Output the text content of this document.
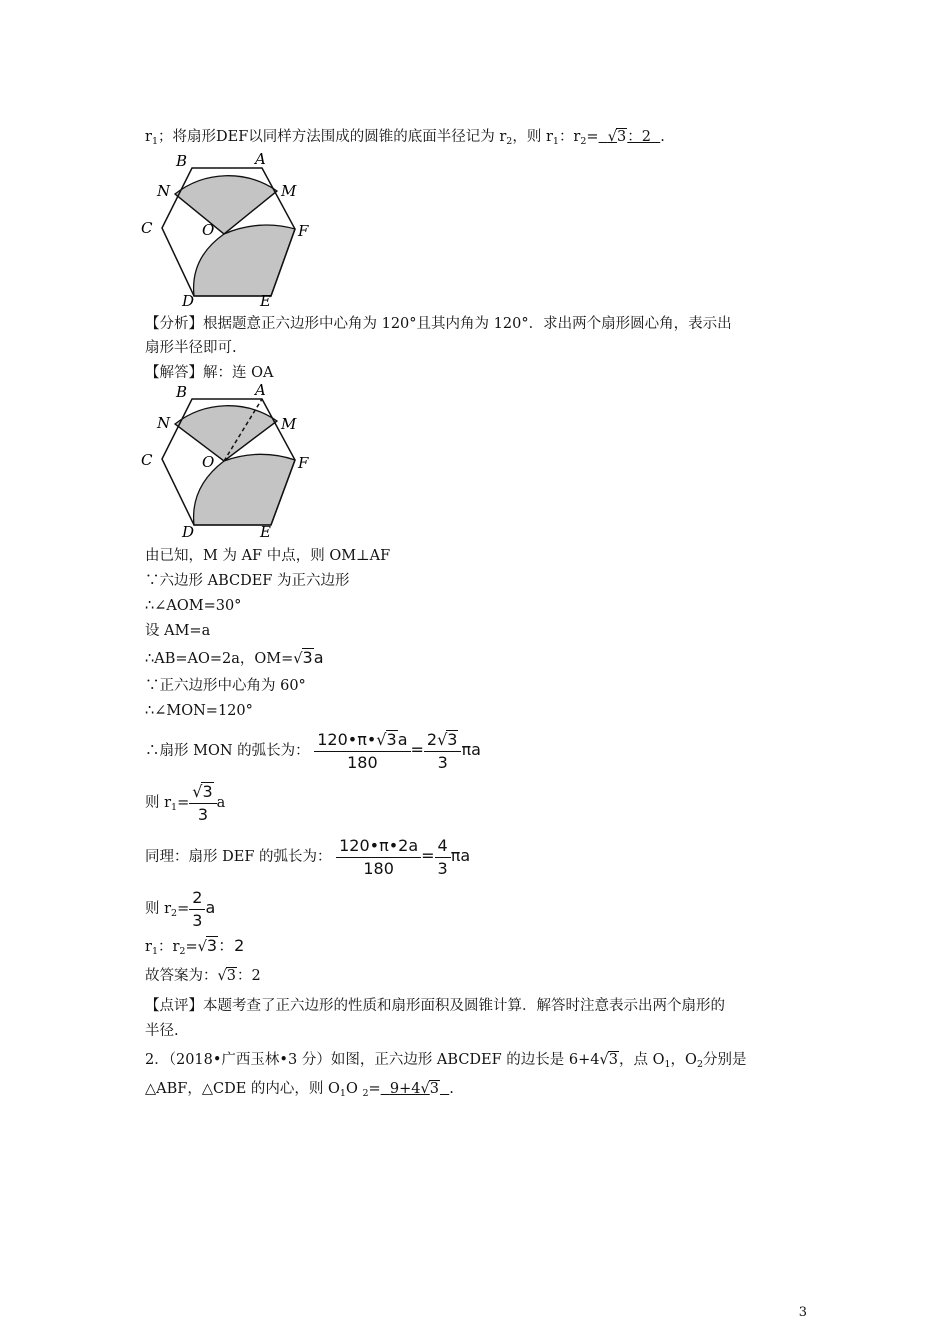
$r_1$；将扇形DEF以同样方法围成的圆锥的底面半径记为 $r_2$，则 $r_1$：$r_2= √3$：2 .
B	A
N	M
C	O	F
D	E
【分析】根据题意正六边形中心角为 120°且其内角为 120°．求出两个扇形圆心角，表示出
扇形半径即可.
【解答】解：连 OA
B	A
N	M
C	O	F
D	E
由已知，M 为 AF 中点，则 OM⊥AF
∵六边形 ABCDEF 为正六边形
∴∠AOM=30°
设 AM=a
∴AB=AO=2a，OM=√3a
∵正六边形中心角为 60°
∴∠MON=120°
∴扇形 MON 的弧长为： $\frac{120•\pi•√3a}{180} = \frac{2√3}{3}$ πa
则 $r_1= \frac{√3}{3}$ a
同理：扇形 DEF 的弧长为： $\frac{120•\pi•2a}{180} = \frac{4}{3}$ πa
则 $r_2= \frac{2}{3}$ a
$r_1$：$r_2=√3$：2
故答案为：√3：2
【点评】本题考查了正六边形的性质和扇形面积及圆锥计算．解答时注意表示出两个扇形的
半径.
2．（2018•广西玉林•3 分）如图，正六边形 ABCDEF 的边长是 6+4√3，点 $O_1$，$O_2$分别是
△ABF，△CDE 的内心，则 $O_1O$ $_2$= 9+4√3 .
3
